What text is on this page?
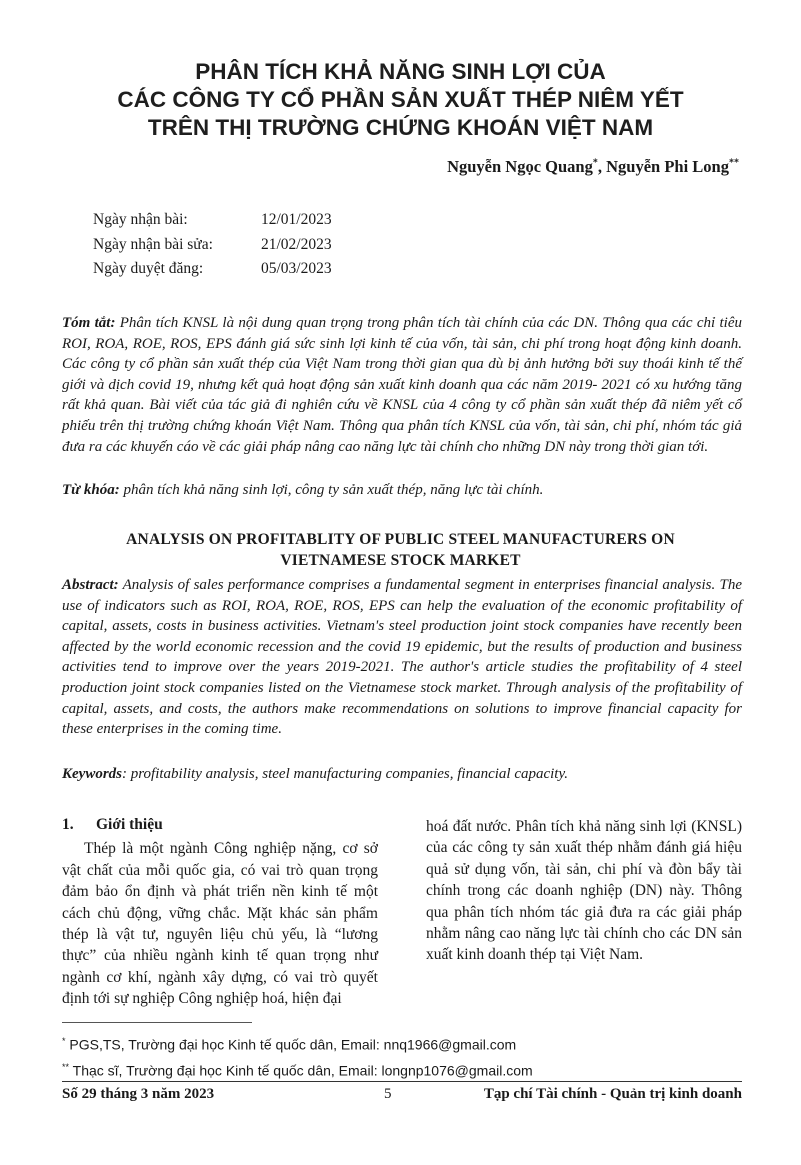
PHÂN TÍCH KHẢ NĂNG SINH LỢI CỦA
CÁC CÔNG TY CỔ PHẦN SẢN XUẤT THÉP NIÊM YẾT
TRÊN THỊ TRƯỜNG CHỨNG KHOÁN VIỆT NAM
Nguyễn Ngọc Quang*, Nguyễn Phi Long**
Ngày nhận bài:	12/01/2023
Ngày nhận bài sửa:	21/02/2023
Ngày duyệt đăng:	05/03/2023
Tóm tắt: Phân tích KNSL là nội dung quan trọng trong phân tích tài chính của các DN. Thông qua các chỉ tiêu ROI, ROA, ROE, ROS, EPS đánh giá sức sinh lợi kinh tế của vốn, tài sản, chi phí trong hoạt động kinh doanh. Các công ty cổ phần sản xuất thép của Việt Nam trong thời gian qua dù bị ảnh hưởng bởi suy thoái kinh tế thế giới và dịch covid 19, nhưng kết quả hoạt động sản xuất kinh doanh qua các năm 2019- 2021 có xu hướng tăng rất khả quan. Bài viết của tác giả đi nghiên cứu về KNSL của 4 công ty cổ phần sản xuất thép đã niêm yết cổ phiếu trên thị trường chứng khoán Việt Nam. Thông qua phân tích KNSL của vốn, tài sản, chi phí, nhóm tác giả đưa ra các khuyến cáo về các giải pháp nâng cao năng lực tài chính cho những DN này trong thời gian tới.
Từ khóa: phân tích khả năng sinh lợi, công ty sản xuất thép, năng lực tài chính.
ANALYSIS ON PROFITABLITY OF PUBLIC STEEL MANUFACTURERS ON
VIETNAMESE STOCK MARKET
Abstract: Analysis of sales performance comprises a fundamental segment in enterprises financial analysis. The use of indicators such as ROI, ROA, ROE, ROS, EPS can help the evaluation of the economic profitability of capital, assets, costs in business activities. Vietnam's steel production joint stock companies have recently been affected by the world economic recession and the covid 19 epidemic, but the results of production and business activities tend to improve over the years 2019-2021. The author's article studies the profitability of 4 steel production joint stock companies listed on the Vietnamese stock market. Through analysis of the profitability of capital, assets, and costs, the authors make recommendations on solutions to improve financial capacity for these enterprises in the coming time.
Keywords: profitability analysis, steel manufacturing companies, financial capacity.
1. Giới thiệu
Thép là một ngành Công nghiệp nặng, cơ sở vật chất của mỗi quốc gia, có vai trò quan trọng đảm bảo ổn định và phát triển nền kinh tế một cách chủ động, vững chắc. Mặt khác sản phẩm thép là vật tư, nguyên liệu chủ yếu, là “lương thực” của nhiều ngành kinh tế quan trọng như ngành cơ khí, ngành xây dựng, có vai trò quyết định tới sự nghiệp Công nghiệp hoá, hiện đại
hoá đất nước. Phân tích khả năng sinh lợi (KNSL) của các công ty sản xuất thép nhằm đánh giá hiệu quả sử dụng vốn, tài sản, chi phí và đòn bẩy tài chính trong các doanh nghiệp (DN) này. Thông qua phân tích nhóm tác giả đưa ra các giải pháp nhằm nâng cao năng lực tài chính cho các DN sản xuất kinh doanh thép tại Việt Nam.
* PGS,TS, Trường đại học Kinh tế quốc dân, Email: nnq1966@gmail.com
** Thạc sĩ, Trường đại học Kinh tế quốc dân, Email: longnp1076@gmail.com
Số 29 tháng 3 năm 2023	5	Tạp chí Tài chính - Quản trị kinh doanh
